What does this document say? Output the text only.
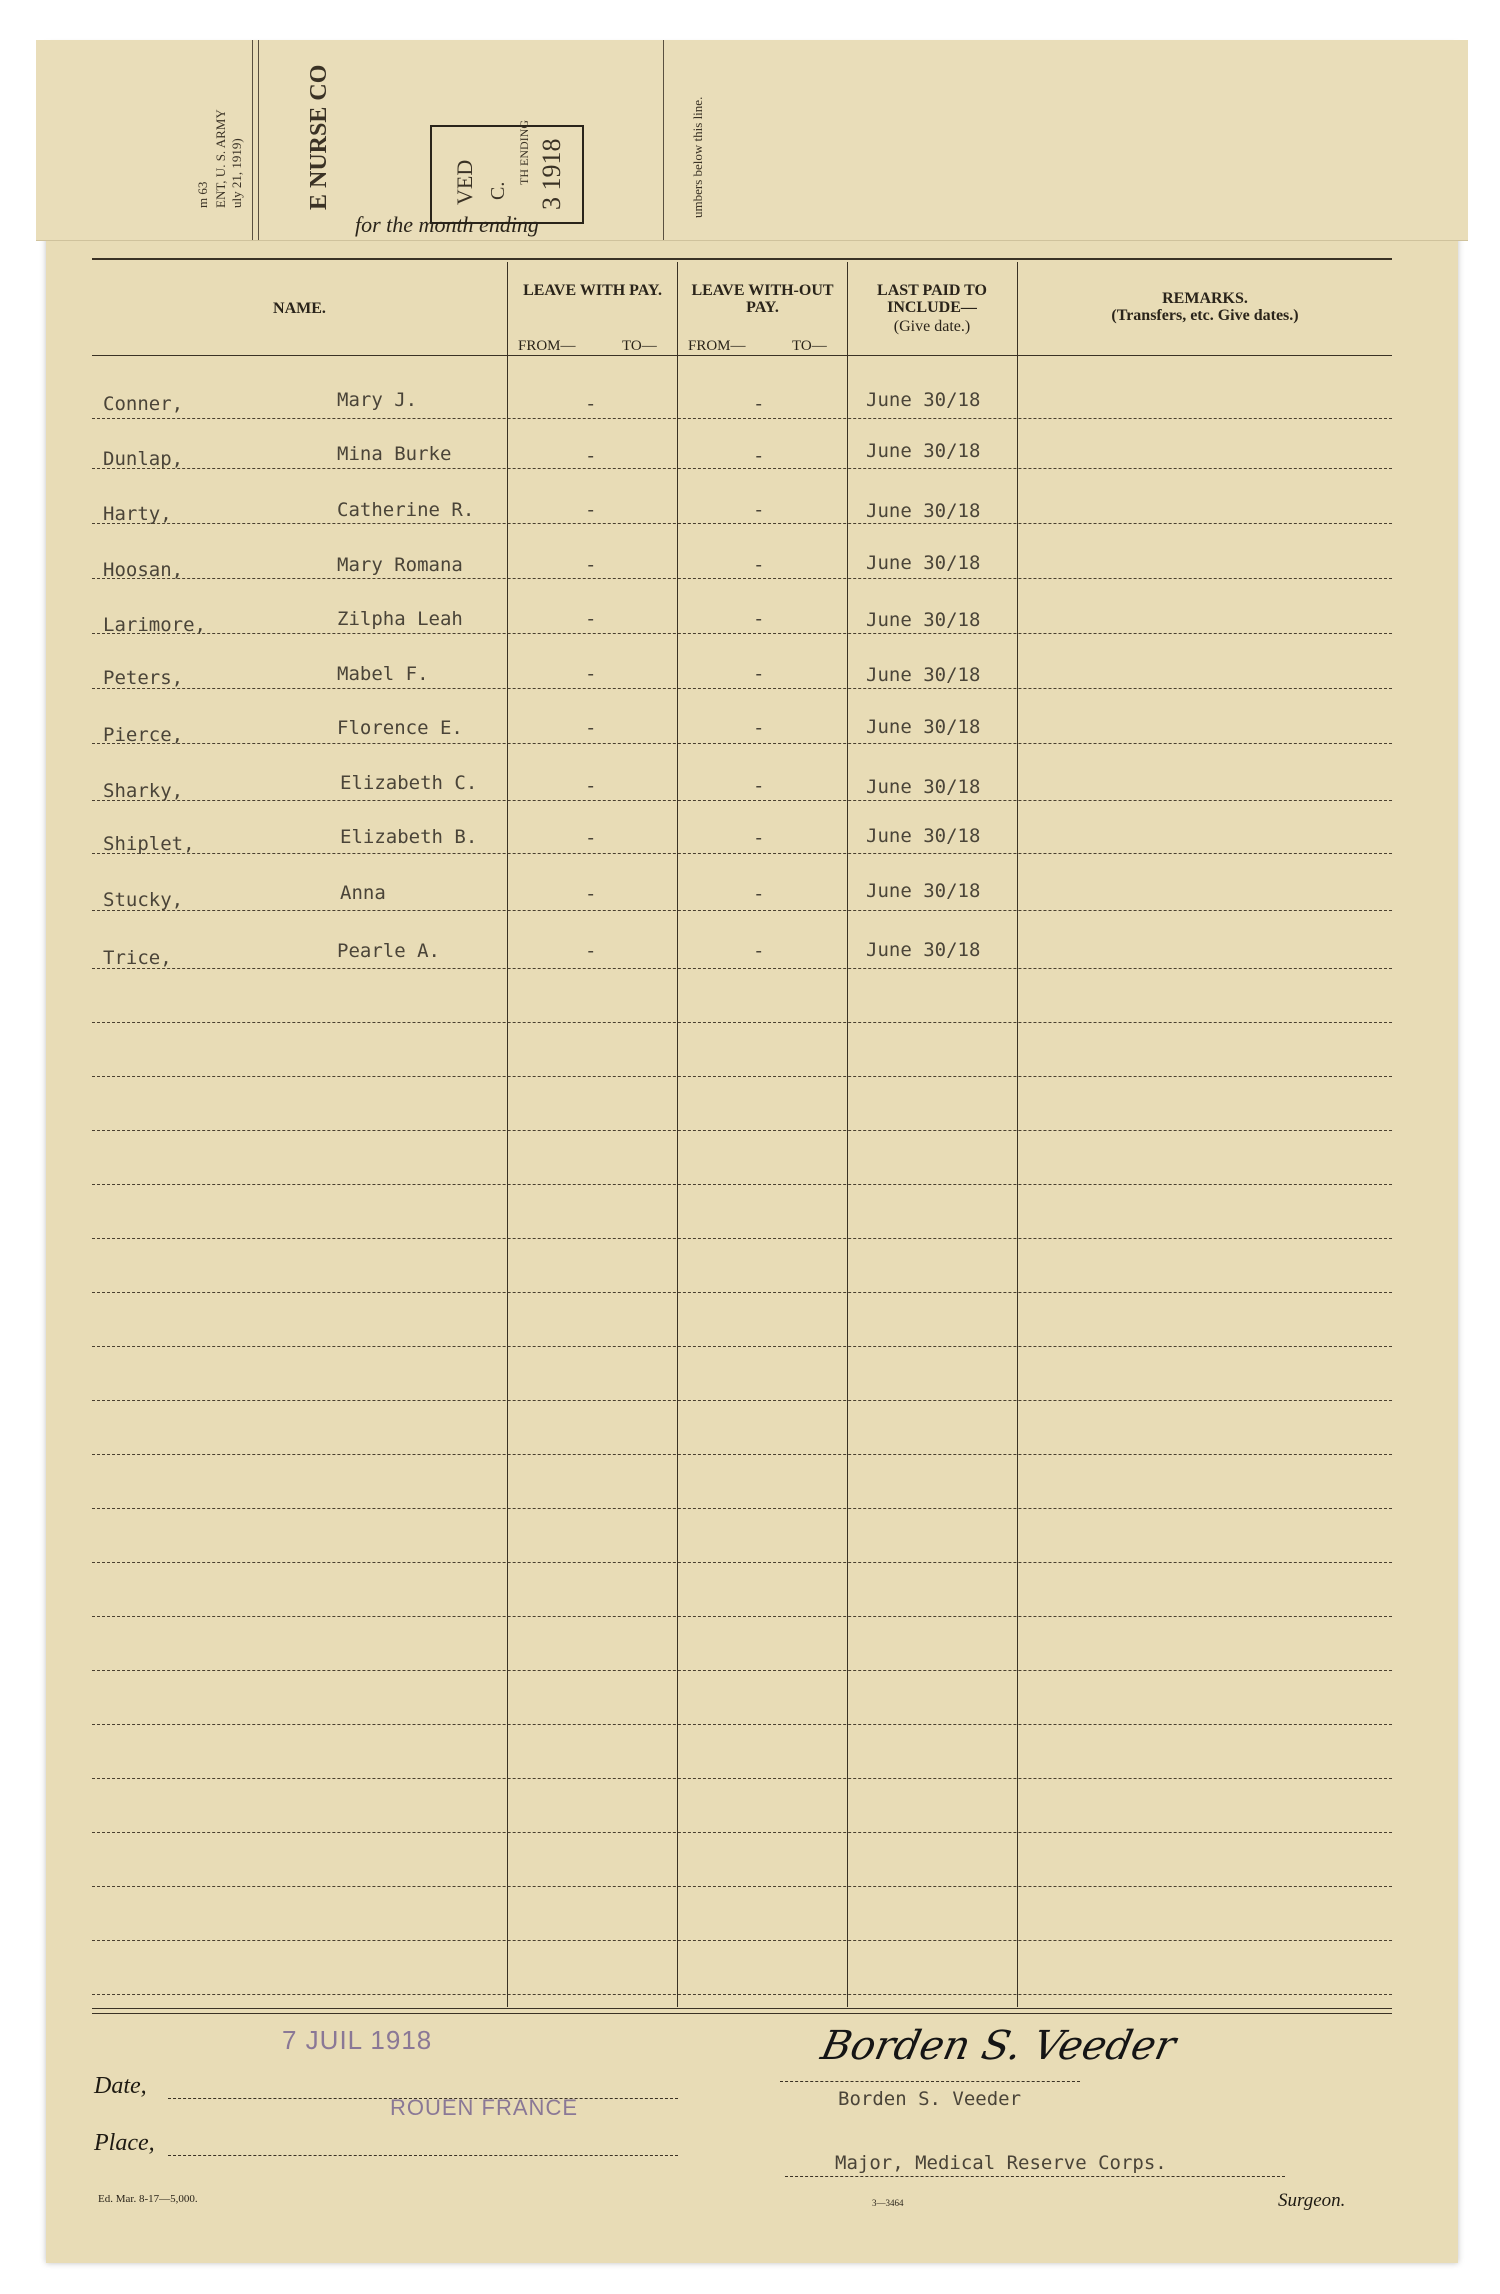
m 63 ENT, U. S. ARMY uly 21, 1919)	E NURSE CO	VED C.
TH ENDING 3 1918	umbers below this line.
for the month ending
NAME.
LEAVE WITH PAY.	LEAVE WITH-OUT PAY.
LAST PAID TO INCLUDE—
(Give date.)
REMARKS.
(Transfers, etc. Give dates.)
FROM—	TO— FROM—	TO—
Conner,	Mary J.	-	-	June 30/18
Dunlap,	Mina Burke	-	-	June 30/18
Harty,	Catherine R.	-	-	June 30/18
Hoosan,	Mary Romana	-	-	June 30/18
Larimore,	Zilpha Leah	-	-	June 30/18
Peters,	Mabel F.	-	-	June 30/18
Pierce,	Florence E.	-	-	June 30/18
Sharky,	Elizabeth C.	-	-	June 30/18
Shiplet,	Elizabeth B.	-	-	June 30/18
Stucky,	Anna	-	-	June 30/18
Trice,	Pearle A.	-	-	June 30/18
Date,
7 JUIL 1918
Place,
ROUEN FRANCE
Borden S. Veeder
Borden S. Veeder
Major, Medical Reserve Corps.
Surgeon.
Ed. Mar. 8-17—5,000.	3—3464
